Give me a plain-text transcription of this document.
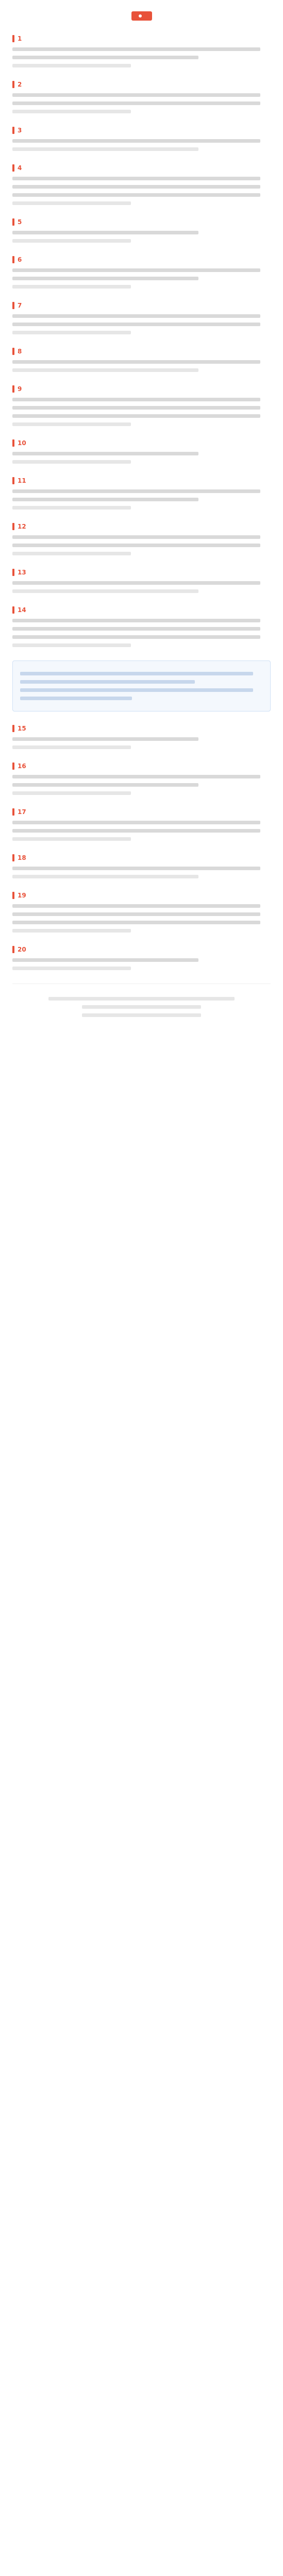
1
2
3
4
5
6
7
8
9
10
11
12
13
14
15
16
17
18
19
20
